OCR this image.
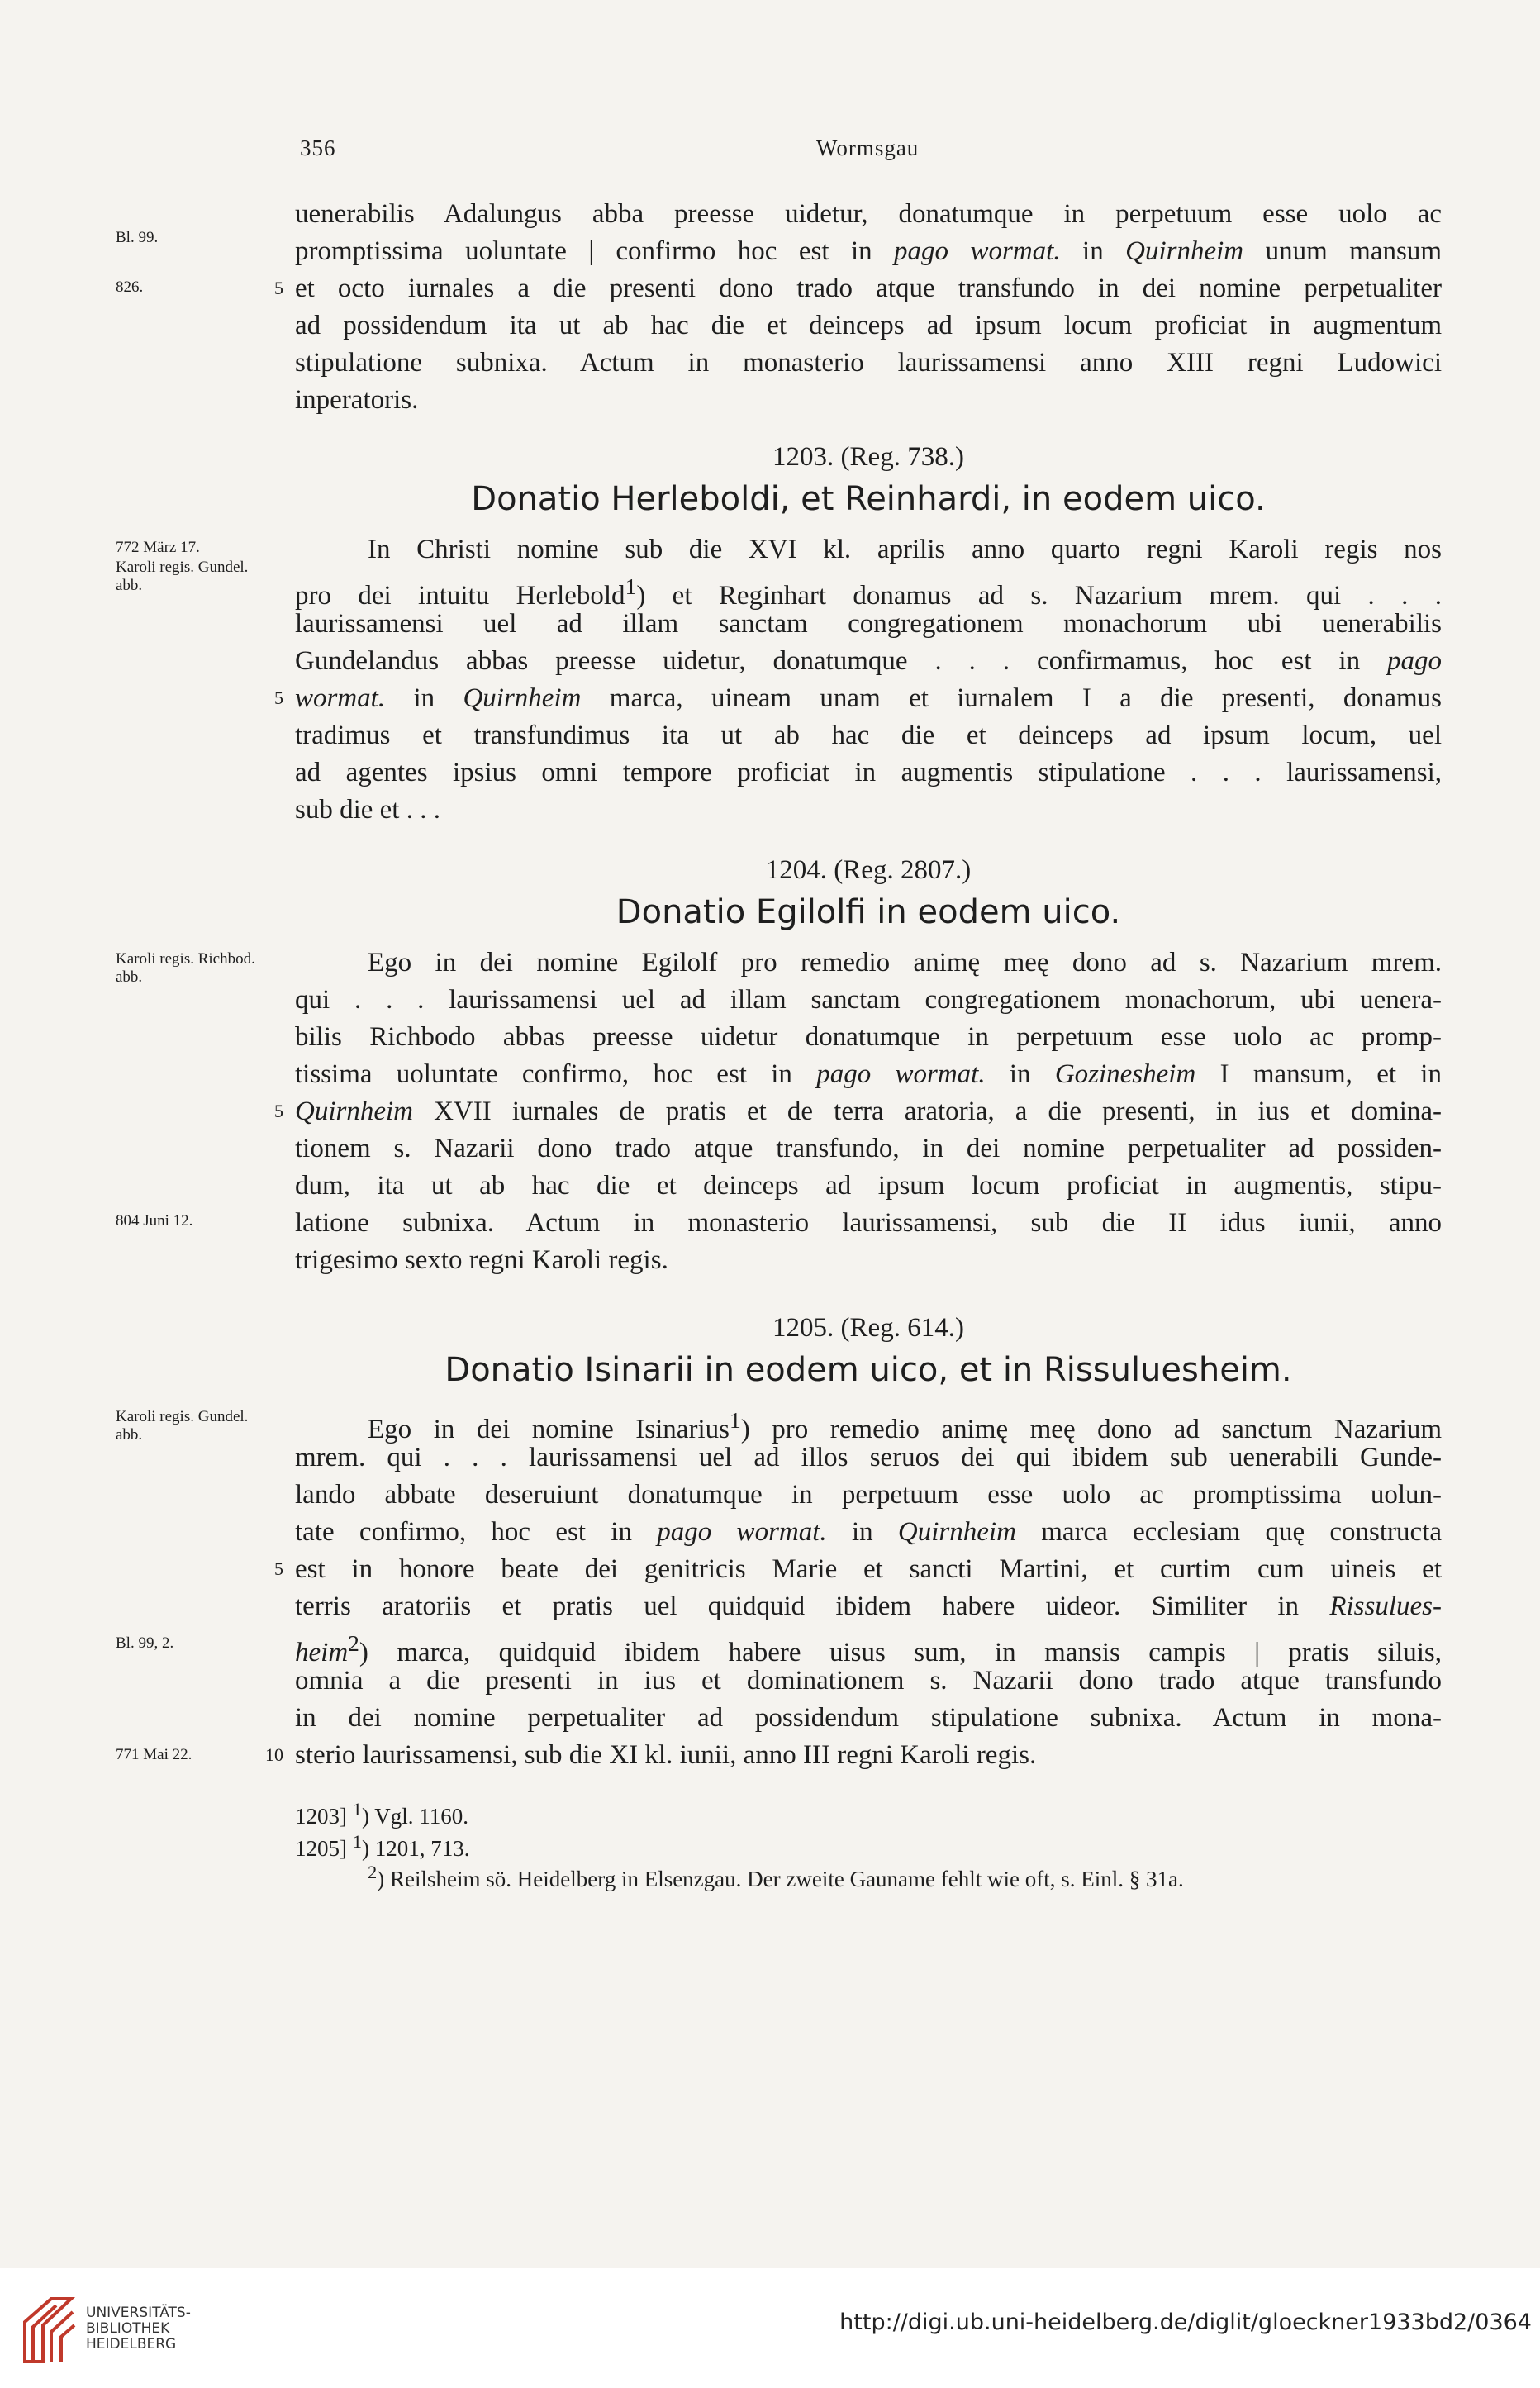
356	Wormsgau
Bl. 99.
826.	5
uenerabilis Adalungus abba preesse uidetur, donatumque in perpetuum esse uolo ac
promptissima uoluntate | confirmo hoc est in pago wormat. in Quirnheim unum mansum
et octo iurnales a die presenti dono trado atque transfundo in dei nomine perpetualiter
ad possidendum ita ut ab hac die et deinceps ad ipsum locum proficiat in augmentum
stipulatione subnixa. Actum in monasterio laurissamensi anno XIII regni Ludowici
inperatoris.
1203. (Reg. 738.)
Donatio Herleboldi, et Reinhardi, in eodem uico.
In Christi nomine sub die XVI kl. aprilis anno quarto regni Karoli regis nos
pro dei intuitu Herlebold$^1$) et Reginhart donamus ad s. Nazarium mrem. qui . . .
laurissamensi uel ad illam sanctam congregationem monachorum ubi uenerabilis
Gundelandus abbas preesse uidetur, donatumque . . . confirmamus, hoc est in pago
wormat. in Quirnheim marca, uineam unam et iurnalem I a die presenti, donamus
tradimus et transfundimus ita ut ab hac die et deinceps ad ipsum locum, uel
ad agentes ipsius omni tempore proficiat in augmentis stipulatione . . . laurissamensi,
sub die et . . .
772 März 17.
Karoli regis. Gundel. abb.
5
1204. (Reg. 2807.)
Donatio Egilolfi in eodem uico.
Ego in dei nomine Egilolf pro remedio animę meę dono ad s. Nazarium mrem.
qui . . . laurissamensi uel ad illam sanctam congregationem monachorum, ubi uenera-
bilis Richbodo abbas preesse uidetur donatumque in perpetuum esse uolo ac promp-
tissima uoluntate confirmo, hoc est in pago wormat. in Gozinesheim I mansum, et in
Quirnheim XVII iurnales de pratis et de terra aratoria, a die presenti, in ius et domina-
tionem s. Nazarii dono trado atque transfundo, in dei nomine perpetualiter ad possiden-
dum, ita ut ab hac die et deinceps ad ipsum locum proficiat in augmentis, stipu-
latione subnixa. Actum in monasterio laurissamensi, sub die II idus iunii, anno
trigesimo sexto regni Karoli regis.
Karoli regis. Richbod. abb.
804 Juni 12.
5
1205. (Reg. 614.)
Donatio Isinarii in eodem uico, et in Rissuluesheim.
Ego in dei nomine Isinarius$^1$) pro remedio animę meę dono ad sanctum Nazarium
mrem. qui . . . laurissamensi uel ad illos seruos dei qui ibidem sub uenerabili Gunde-
lando abbate deseruiunt donatumque in perpetuum esse uolo ac promptissima uolun-
tate confirmo, hoc est in pago wormat. in Quirnheim marca ecclesiam quę constructa
est in honore beate dei genitricis Marie et sancti Martini, et curtim cum uineis et
terris aratoriis et pratis uel quidquid ibidem habere uideor. Similiter in Rissulues-
heim$^2$) marca, quidquid ibidem habere uisus sum, in mansis campis | pratis siluis,
omnia a die presenti in ius et dominationem s. Nazarii dono trado atque transfundo
in dei nomine perpetualiter ad possidendum stipulatione subnixa. Actum in mona-
sterio laurissamensi, sub die XI kl. iunii, anno III regni Karoli regis.
Karoli regis. Gundel. abb.
Bl. 99, 2.
771 Mai 22.
5
10
1203] $^1$) Vgl. 1160.
1205] $^1$) 1201, 713.
$^2$) Reilsheim sö. Heidelberg in Elsenzgau. Der zweite Gauname fehlt wie oft, s. Einl. § 31a.
UNIVERSITÄTS-
BIBLIOTHEK
HEIDELBERG
http://digi.ub.uni-heidelberg.de/diglit/gloeckner1933bd2/0364
